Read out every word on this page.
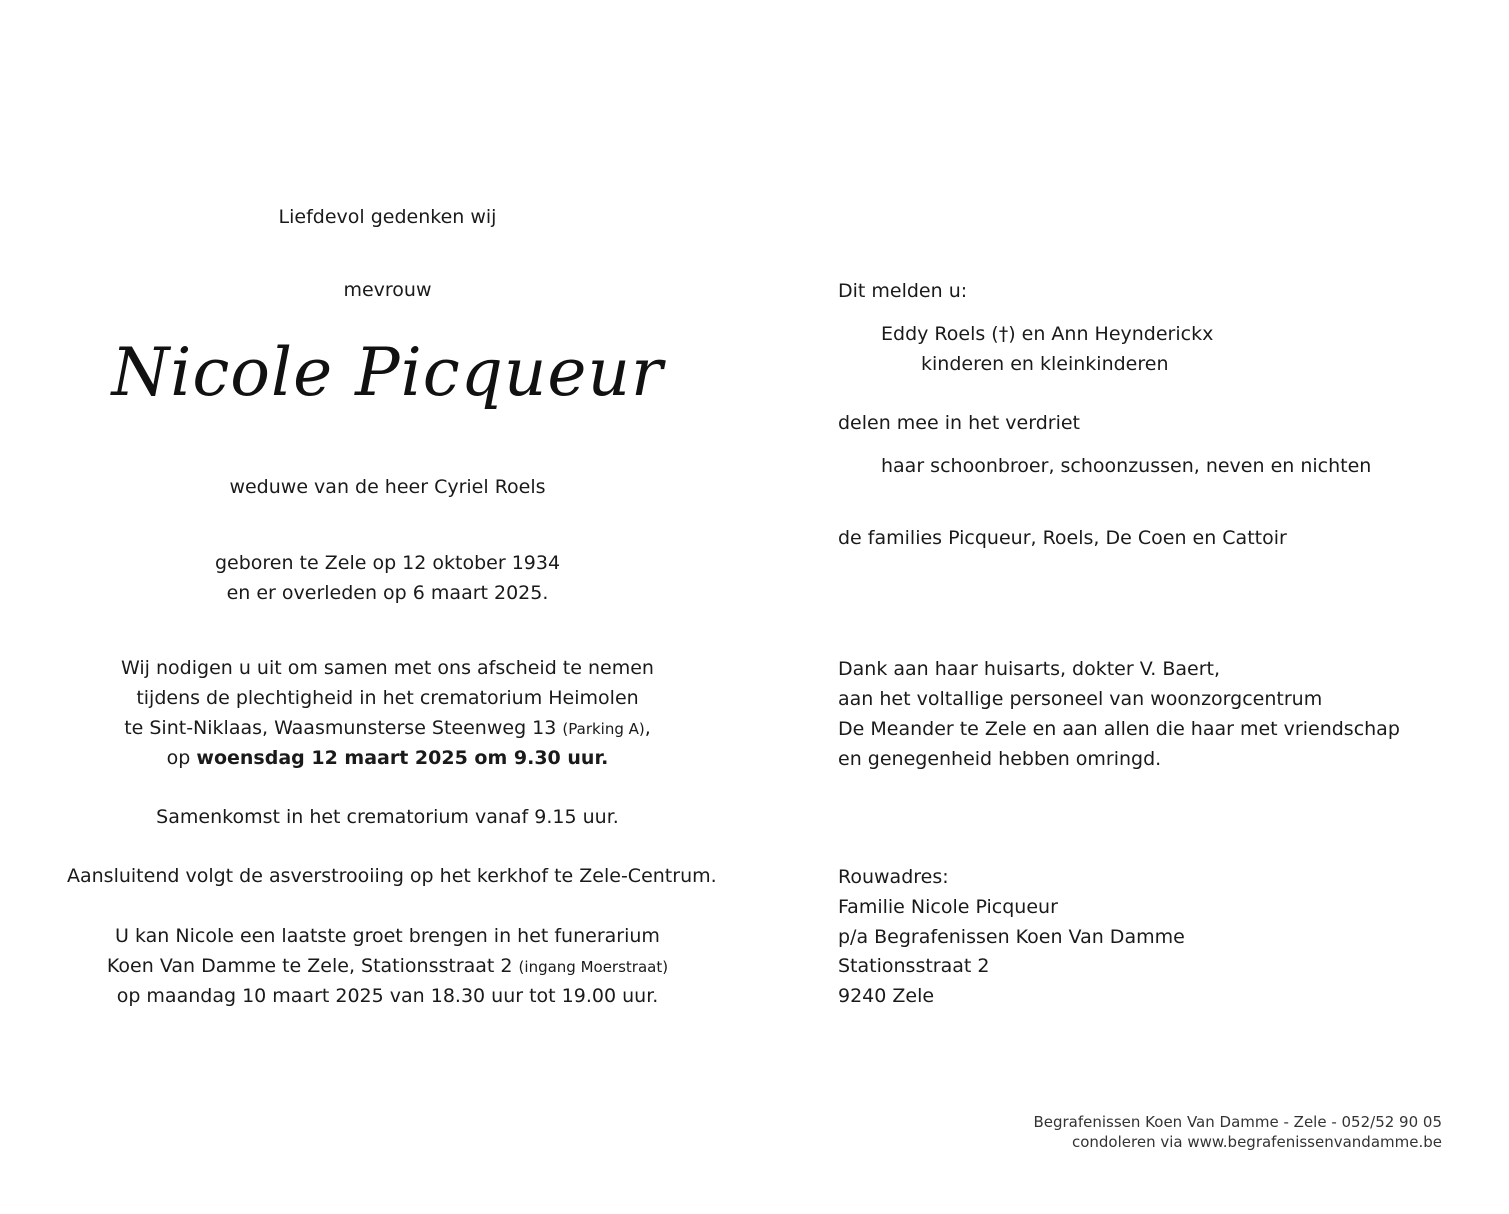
Liefdevol gedenken wij
mevrouw
Nicole Picqueur
weduwe van de heer Cyriel Roels
geboren te Zele op 12 oktober 1934
en er overleden op 6 maart 2025.
Wij nodigen u uit om samen met ons afscheid te nemen
tijdens de plechtigheid in het crematorium Heimolen
te Sint-Niklaas, Waasmunsterse Steenweg 13 (Parking A),
op woensdag 12 maart 2025 om 9.30 uur.
Samenkomst in het crematorium vanaf 9.15 uur.
Aansluitend volgt de asverstrooiing op het kerkhof te Zele-Centrum.
U kan Nicole een laatste groet brengen in het funerarium
Koen Van Damme te Zele, Stationsstraat 2 (ingang Moerstraat)
op maandag 10 maart 2025 van 18.30 uur tot 19.00 uur.
Dit melden u:
Eddy Roels (†) en Ann Heynderickx
kinderen en kleinkinderen
delen mee in het verdriet
haar schoonbroer, schoonzussen, neven en nichten
de families Picqueur, Roels, De Coen en Cattoir
Dank aan haar huisarts, dokter V. Baert,
aan het voltallige personeel van woonzorgcentrum
De Meander te Zele en aan allen die haar met vriendschap
en genegenheid hebben omringd.
Rouwadres:
Familie Nicole Picqueur
p/a Begrafenissen Koen Van Damme
Stationsstraat 2
9240 Zele
Begrafenissen Koen Van Damme - Zele - 052/52 90 05
condoleren via www.begrafenissenvandamme.be
